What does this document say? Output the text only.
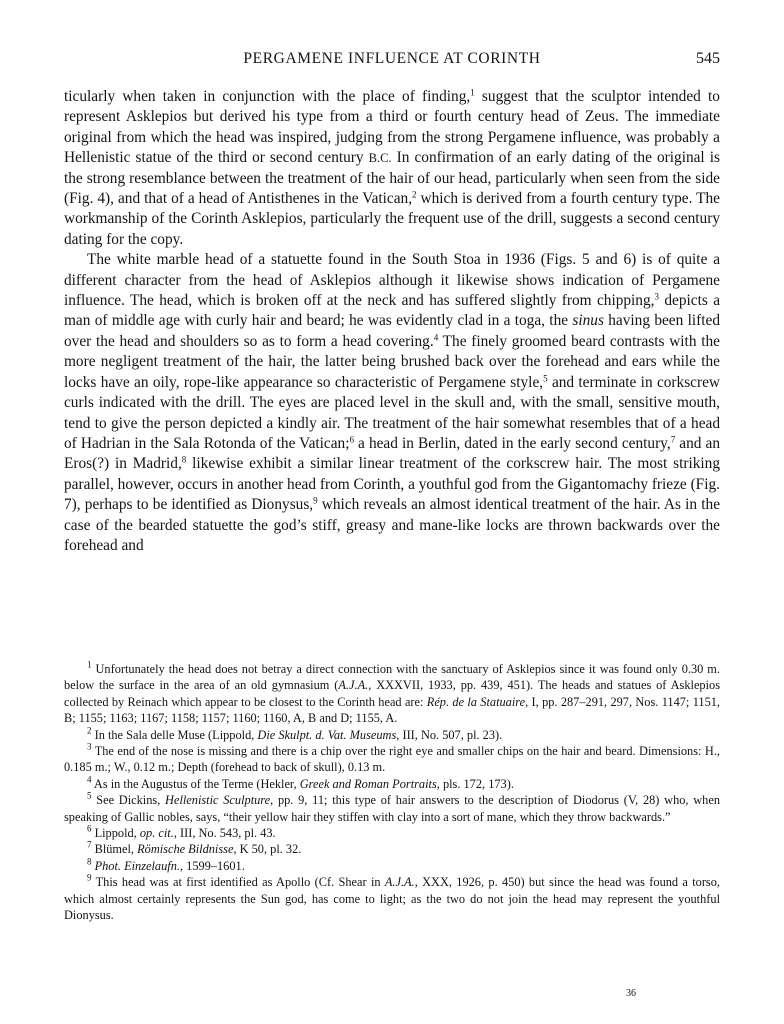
PERGAMENE INFLUENCE AT CORINTH	545

ticularly when taken in conjunction with the place of finding,$^1$ suggest that the sculptor intended to represent Asklepios but derived his type from a third or fourth century head of Zeus. The immediate original from which the head was inspired, judging from the strong Pergamene influence, was probably a Hellenistic statue of the third or second century B.C. In confirmation of an early dating of the original is the strong resemblance between the treatment of the hair of our head, particularly when seen from the side (Fig. 4), and that of a head of Antisthenes in the Vatican,$^2$ which is derived from a fourth century type. The workmanship of the Corinth Asklepios, particularly the frequent use of the drill, suggests a second century dating for the copy.

The white marble head of a statuette found in the South Stoa in 1936 (Figs. 5 and 6) is of quite a different character from the head of Asklepios although it likewise shows indication of Pergamene influence. The head, which is broken off at the neck and has suffered slightly from chipping,$^3$ depicts a man of middle age with curly hair and beard; he was evidently clad in a toga, the sinus having been lifted over the head and shoulders so as to form a head covering.$^4$ The finely groomed beard contrasts with the more negligent treatment of the hair, the latter being brushed back over the forehead and ears while the locks have an oily, rope-like appearance so characteristic of Pergamene style,$^5$ and terminate in corkscrew curls indicated with the drill. The eyes are placed level in the skull and, with the small, sensitive mouth, tend to give the person depicted a kindly air. The treatment of the hair somewhat resembles that of a head of Hadrian in the Sala Rotonda of the Vatican;$^6$ a head in Berlin, dated in the early second century,$^7$ and an Eros(?) in Madrid,$^8$ likewise exhibit a similar linear treatment of the corkscrew hair. The most striking parallel, however, occurs in another head from Corinth, a youthful god from the Gigantomachy frieze (Fig. 7), perhaps to be identified as Dionysus,$^9$ which reveals an almost identical treatment of the hair. As in the case of the bearded statuette the god’s stiff, greasy and mane-like locks are thrown backwards over the forehead and

$^1$ Unfortunately the head does not betray a direct connection with the sanctuary of Asklepios since it was found only 0.30 m. below the surface in the area of an old gymnasium (A.J.A., XXXVII, 1933, pp. 439, 451). The heads and statues of Asklepios collected by Reinach which appear to be closest to the Corinth head are: Rép. de la Statuaire, I, pp. 287–291, 297, Nos. 1147; 1151, B; 1155; 1163; 1167; 1158; 1157; 1160; 1160, A, B and D; 1155, A.

$^2$ In the Sala delle Muse (Lippold, Die Skulpt. d. Vat. Museums, III, No. 507, pl. 23).

$^3$ The end of the nose is missing and there is a chip over the right eye and smaller chips on the hair and beard. Dimensions: H., 0.185 m.; W., 0.12 m.; Depth (forehead to back of skull), 0.13 m.

$^4$ As in the Augustus of the Terme (Hekler, Greek and Roman Portraits, pls. 172, 173).

$^5$ See Dickins, Hellenistic Sculpture, pp. 9, 11; this type of hair answers to the description of Diodorus (V, 28) who, when speaking of Gallic nobles, says, “their yellow hair they stiffen with clay into a sort of mane, which they throw backwards.”

$^6$ Lippold, op. cit., III, No. 543, pl. 43.

$^7$ Blümel, Römische Bildnisse, K 50, pl. 32.

$^8$ Phot. Einzelaufn., 1599–1601.

$^9$ This head was at first identified as Apollo (Cf. Shear in A.J.A., XXX, 1926, p. 450) but since the head was found a torso, which almost certainly represents the Sun god, has come to light; as the two do not join the head may represent the youthful Dionysus.

36
